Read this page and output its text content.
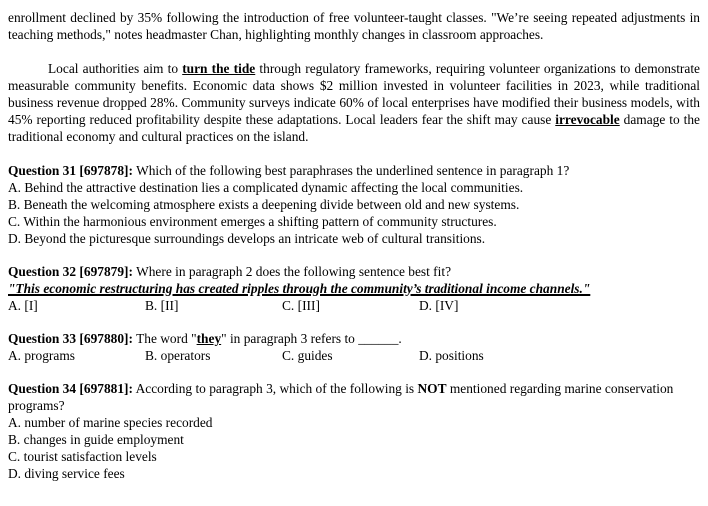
enrollment declined by 35% following the introduction of free volunteer-taught classes. "We’re seeing repeated adjustments in teaching methods," notes headmaster Chan, highlighting monthly changes in classroom approaches.

Local authorities aim to turn the tide through regulatory frameworks, requiring volunteer organizations to demonstrate measurable community benefits. Economic data shows $2 million invested in volunteer facilities in 2023, while traditional business revenue dropped 28%. Community surveys indicate 60% of local enterprises have modified their business models, with 45% reporting reduced profitability despite these adaptations. Local leaders fear the shift may cause irrevocable damage to the traditional economy and cultural practices on the island.

Question 31 [697878]: Which of the following best paraphrases the underlined sentence in paragraph 1?
A. Behind the attractive destination lies a complicated dynamic affecting the local communities.
B. Beneath the welcoming atmosphere exists a deepening divide between old and new systems.
C. Within the harmonious environment emerges a shifting pattern of community structures.
D. Beyond the picturesque surroundings develops an intricate web of cultural transitions.
Question 32 [697879]: Where in paragraph 2 does the following sentence best fit?
"This economic restructuring has created ripples through the community’s traditional income channels."
A. [I]	B. [II]	C. [III]	D. [IV]
Question 33 [697880]: The word "they" in paragraph 3 refers to ______.
A. programs	B. operators	C. guides	D. positions
Question 34 [697881]: According to paragraph 3, which of the following is NOT mentioned regarding marine conservation programs?
A. number of marine species recorded
B. changes in guide employment
C. tourist satisfaction levels
D. diving service fees
